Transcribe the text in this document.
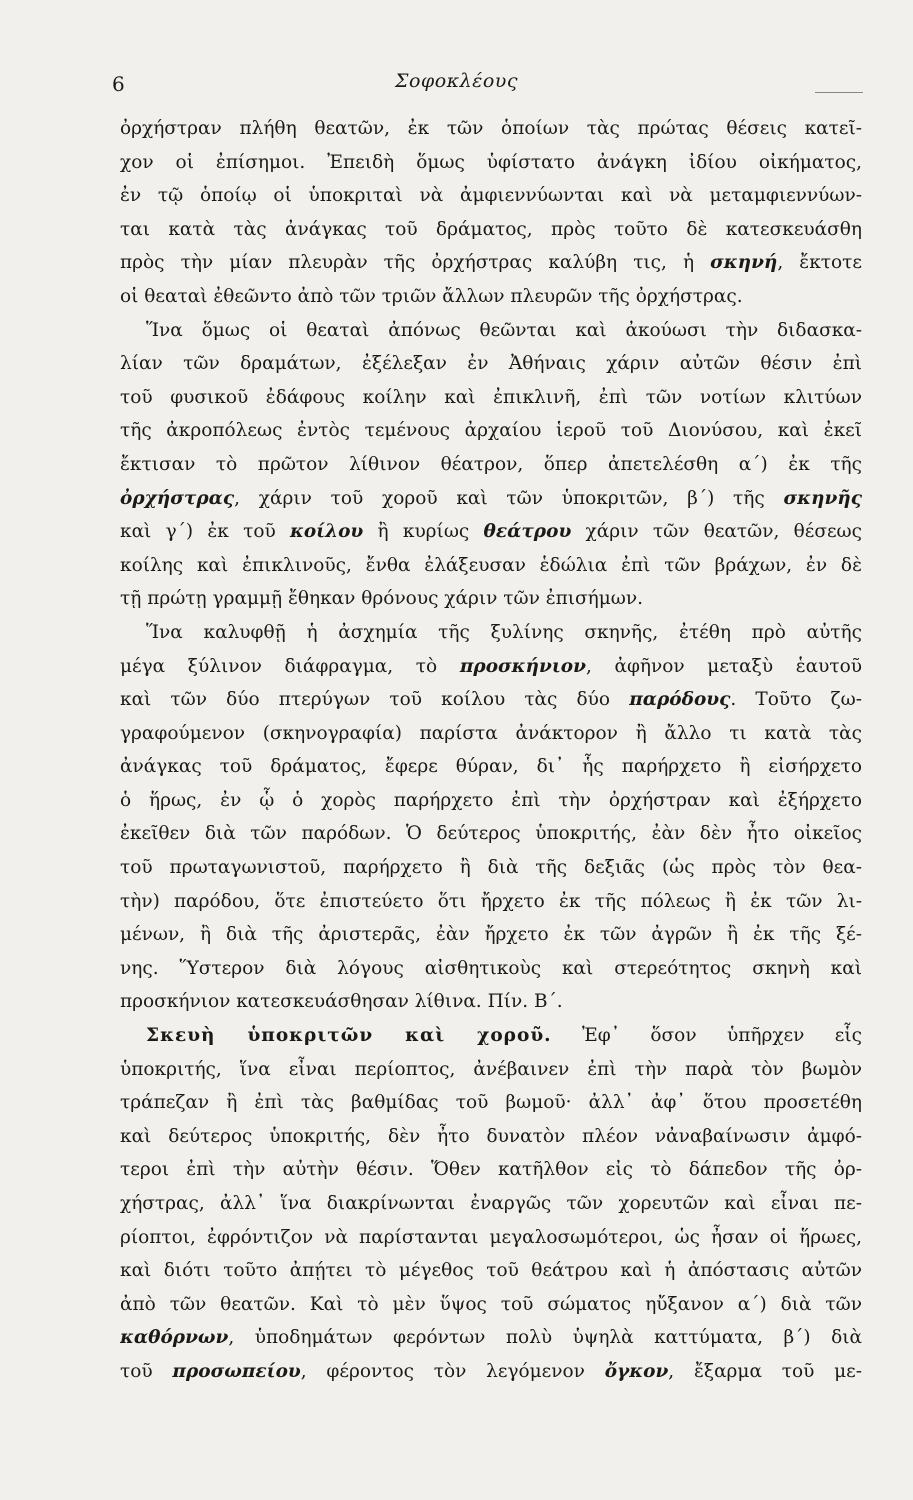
6	Σοφοκλέους
ὀρχήστραν πλήθη θεατῶν, ἐκ τῶν ὁποίων τὰς πρώτας θέσεις κατεῖ-
χον οἱ ἐπίσημοι. Ἐπειδὴ ὅμως ὑφίστατο ἀνάγκη ἰδίου οἰκήματος,
ἐν τῷ ὁποίῳ οἱ ὑποκριταὶ νὰ ἀμφιεννύωνται καὶ νὰ μεταμφιεννύων-
ται κατὰ τὰς ἀνάγκας τοῦ δράματος, πρὸς τοῦτο δὲ κατεσκευάσθη
πρὸς τὴν μίαν πλευρὰν τῆς ὀρχήστρας καλύβη τις, ἡ σκηνή, ἔκτοτε
οἱ θεαταὶ ἐθεῶντο ἀπὸ τῶν τριῶν ἄλλων πλευρῶν τῆς ὀρχήστρας.
Ἵνα ὅμως οἱ θεαταὶ ἀπόνως θεῶνται καὶ ἀκούωσι τὴν διδασκα-
λίαν τῶν δραμάτων, ἐξέλεξαν ἐν Ἀθήναις χάριν αὐτῶν θέσιν ἐπὶ
τοῦ φυσικοῦ ἐδάφους κοίλην καὶ ἐπικλινῆ, ἐπὶ τῶν νοτίων κλιτύων
τῆς ἀκροπόλεως ἐντὸς τεμένους ἀρχαίου ἱεροῦ τοῦ Διονύσου, καὶ ἐκεῖ
ἔκτισαν τὸ πρῶτον λίθινον θέατρον, ὅπερ ἀπετελέσθη α΄) ἐκ τῆς
ὀρχήστρας, χάριν τοῦ χοροῦ καὶ τῶν ὑποκριτῶν, β΄) τῆς σκηνῆς
καὶ γ΄) ἐκ τοῦ κοίλου ἢ κυρίως θεάτρου χάριν τῶν θεατῶν, θέσεως
κοίλης καὶ ἐπικλινοῦς, ἔνθα ἐλάξευσαν ἑδώλια ἐπὶ τῶν βράχων, ἐν δὲ
τῇ πρώτῃ γραμμῇ ἔθηκαν θρόνους χάριν τῶν ἐπισήμων.
Ἵνα καλυφθῇ ἡ ἀσχημία τῆς ξυλίνης σκηνῆς, ἐτέθη πρὸ αὐτῆς
μέγα ξύλινον διάφραγμα, τὸ προσκήνιον, ἀφῆνον μεταξὺ ἑαυτοῦ
καὶ τῶν δύο πτερύγων τοῦ κοίλου τὰς δύο παρόδους. Τοῦτο ζω-
γραφούμενον (σκηνογραφία) παρίστα ἀνάκτορον ἢ ἄλλο τι κατὰ τὰς
ἀνάγκας τοῦ δράματος, ἔφερε θύραν, δι᾽ ἧς παρήρχετο ἢ εἰσήρχετο
ὁ ἥρως, ἐν ᾧ ὁ χορὸς παρήρχετο ἐπὶ τὴν ὀρχήστραν καὶ ἐξήρχετο
ἐκεῖθεν διὰ τῶν παρόδων. Ὁ δεύτερος ὑποκριτής, ἐὰν δὲν ἦτο οἰκεῖος
τοῦ πρωταγωνιστοῦ, παρήρχετο ἢ διὰ τῆς δεξιᾶς (ὡς πρὸς τὸν θεα-
τὴν) παρόδου, ὅτε ἐπιστεύετο ὅτι ἤρχετο ἐκ τῆς πόλεως ἢ ἐκ τῶν λι-
μένων, ἢ διὰ τῆς ἀριστερᾶς, ἐὰν ἤρχετο ἐκ τῶν ἀγρῶν ἢ ἐκ τῆς ξέ-
νης. Ὕστερον διὰ λόγους αἰσθητικοὺς καὶ στερεότητος σκηνὴ καὶ
προσκήνιον κατεσκευάσθησαν λίθινα. Πίν. Β΄.
Σκευὴ ὑποκριτῶν καὶ χοροῦ. Ἐφ᾽ ὅσον ὑπῆρχεν εἷς
ὑποκριτής, ἵνα εἶναι περίοπτος, ἀνέβαινεν ἐπὶ τὴν παρὰ τὸν βωμὸν
τράπεζαν ἢ ἐπὶ τὰς βαθμίδας τοῦ βωμοῦ· ἀλλ᾽ ἀφ᾽ ὅτου προσετέθη
καὶ δεύτερος ὑποκριτής, δὲν ἦτο δυνατὸν πλέον νἀναβαίνωσιν ἀμφό-
τεροι ἐπὶ τὴν αὐτὴν θέσιν. Ὅθεν κατῆλθον εἰς τὸ δάπεδον τῆς ὀρ-
χήστρας, ἀλλ᾽ ἵνα διακρίνωνται ἐναργῶς τῶν χορευτῶν καὶ εἶναι πε-
ρίοπτοι, ἐφρόντιζον νὰ παρίστανται μεγαλοσωμότεροι, ὡς ἦσαν οἱ ἥρωες,
καὶ διότι τοῦτο ἀπῄτει τὸ μέγεθος τοῦ θεάτρου καὶ ἡ ἀπόστασις αὐτῶν
ἀπὸ τῶν θεατῶν. Καὶ τὸ μὲν ὕψος τοῦ σώματος ηὔξανον α΄) διὰ τῶν
καθόρνων, ὑποδημάτων φερόντων πολὺ ὑψηλὰ καττύματα, β΄) διὰ
τοῦ προσωπείου, φέροντος τὸν λεγόμενον ὄγκον, ἔξαρμα τοῦ με-
